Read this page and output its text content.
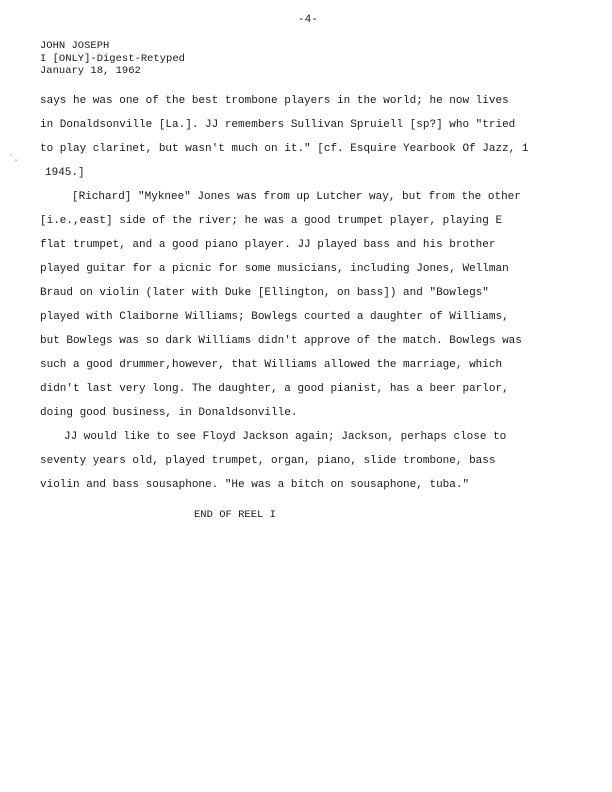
-4-
JOHN JOSEPH
I [ONLY]-Digest-Retyped
January 18, 1962
`.
says he was one of the best trombone players in the world; he now lives
in Donaldsonville [La.]. JJ remembers Sullivan Spruiell [sp?] who "tried
to play clarinet, but wasn't much on it." [cf. Esquire Yearbook Of Jazz, 1
1945.]
[Richard] "Myknee" Jones was from up Lutcher way, but from the other
[i.e.,east] side of the river; he was a good trumpet player, playing E
flat trumpet, and a good piano player. JJ played bass and his brother
played guitar for a picnic for some musicians, including Jones, Wellman
Braud on violin (later with Duke [Ellington, on bass]) and "Bowlegs"
played with Claiborne Williams; Bowlegs courted a daughter of Williams,
but Bowlegs was so dark Williams didn't approve of the match. Bowlegs was
such a good drummer,however, that Williams allowed the marriage, which
didn't last very long. The daughter, a good pianist, has a beer parlor,
doing good business, in Donaldsonville.
JJ would like to see Floyd Jackson again; Jackson, perhaps close to
seventy years old, played trumpet, organ, piano, slide trombone, bass
violin and bass sousaphone. "He was a bitch on sousaphone, tuba."
END OF REEL I
